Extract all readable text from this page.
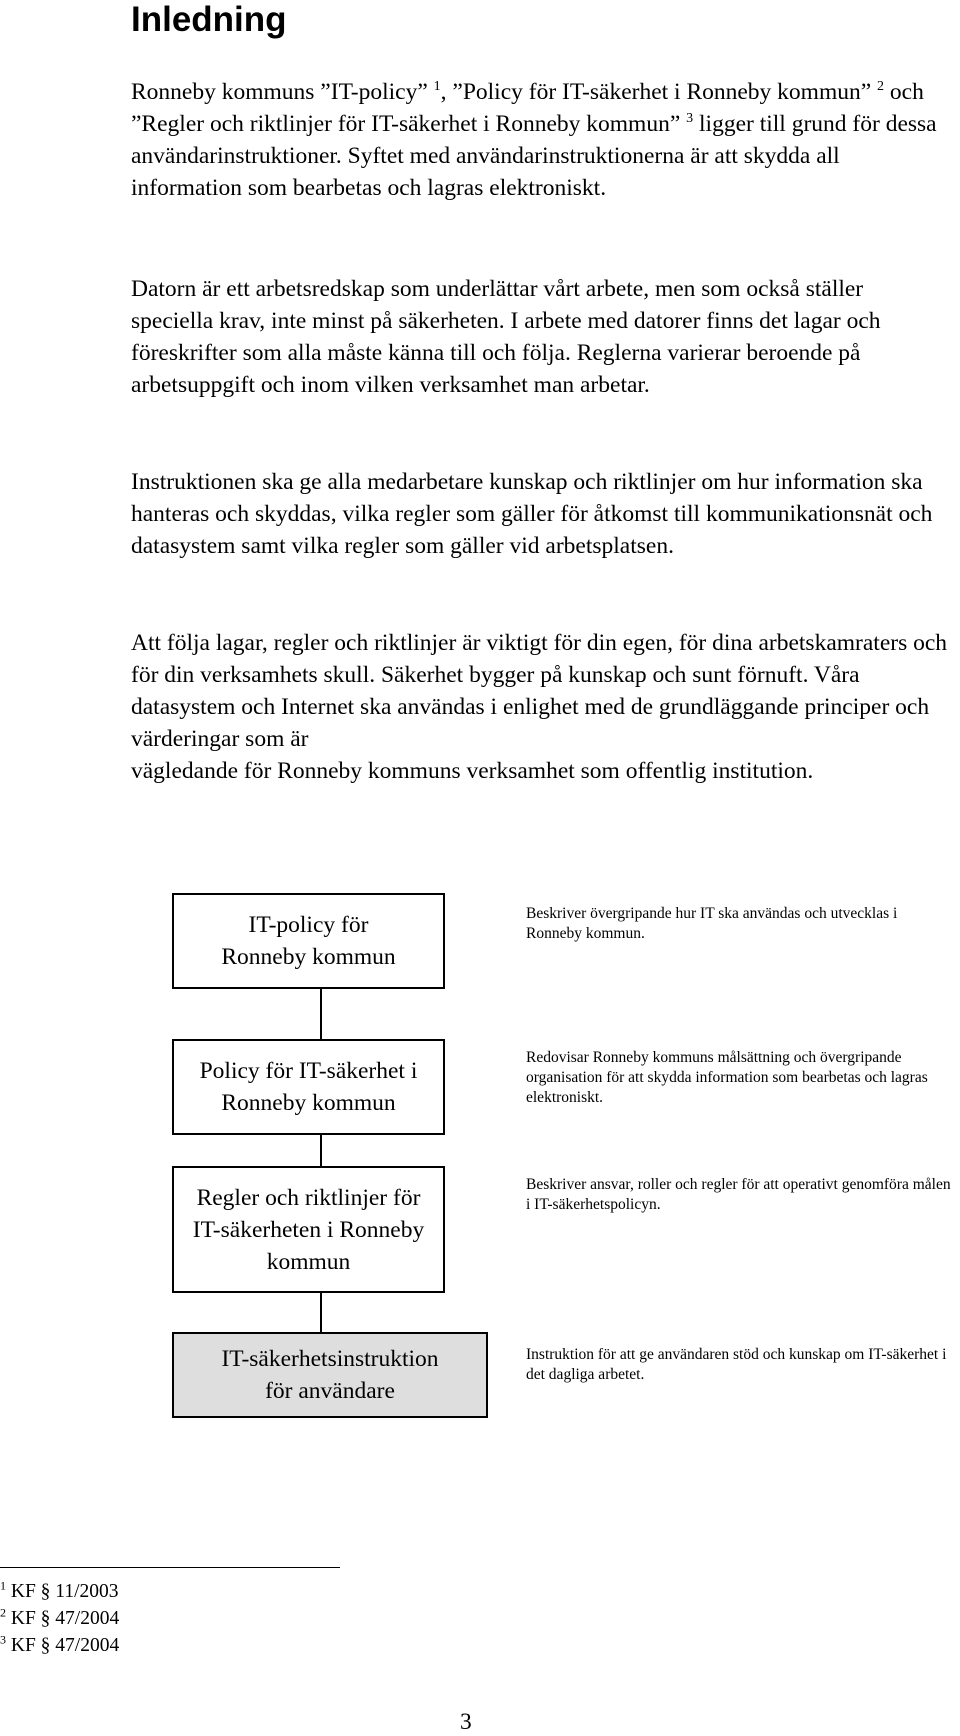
Inledning

Ronneby kommuns ”IT-policy” $^1$, ”Policy för IT-säkerhet i Ronneby kommun” $^2$ och ”Regler och riktlinjer för IT-säkerhet i Ronneby kommun” $^3$ ligger till grund för dessa användarinstruktioner. Syftet med användarinstruktionerna är att skydda all information som bearbetas och lagras elektroniskt.

Datorn är ett arbetsredskap som underlättar vårt arbete, men som också ställer speciella krav, inte minst på säkerheten. I arbete med datorer finns det lagar och föreskrifter som alla måste känna till och följa. Reglerna varierar beroende på arbetsuppgift och inom vilken verksamhet man arbetar.

Instruktionen ska ge alla medarbetare kunskap och riktlinjer om hur information ska hanteras och skyddas, vilka regler som gäller för åtkomst till kommunikationsnät och datasystem samt vilka regler som gäller vid arbetsplatsen.

Att följa lagar, regler och riktlinjer är viktigt för din egen, för dina arbetskamraters och för din verksamhets skull. Säkerhet bygger på kunskap och sunt förnuft. Våra datasystem och Internet ska användas i enlighet med de grundläggande principer och värderingar som är vägledande för Ronneby kommuns verksamhet som offentlig institution.

IT-policy för
Ronneby kommun
Beskriver övergripande hur IT ska användas och utvecklas i Ronneby kommun.
Policy för IT-säkerhet i
Ronneby kommun
Redovisar Ronneby kommuns målsättning och övergripande organisation för att skydda information som bearbetas och lagras elektroniskt.
Regler och riktlinjer för
IT-säkerheten i Ronneby
kommun
Beskriver ansvar, roller och regler för att operativt genomföra målen i IT-säkerhetspolicyn.
IT-säkerhetsinstruktion
för användare
Instruktion för att ge användaren stöd och kunskap om IT-säkerhet i det dagliga arbetet.
$^1$ KF § 11/2003
$^2$ KF § 47/2004
$^3$ KF § 47/2004
3
